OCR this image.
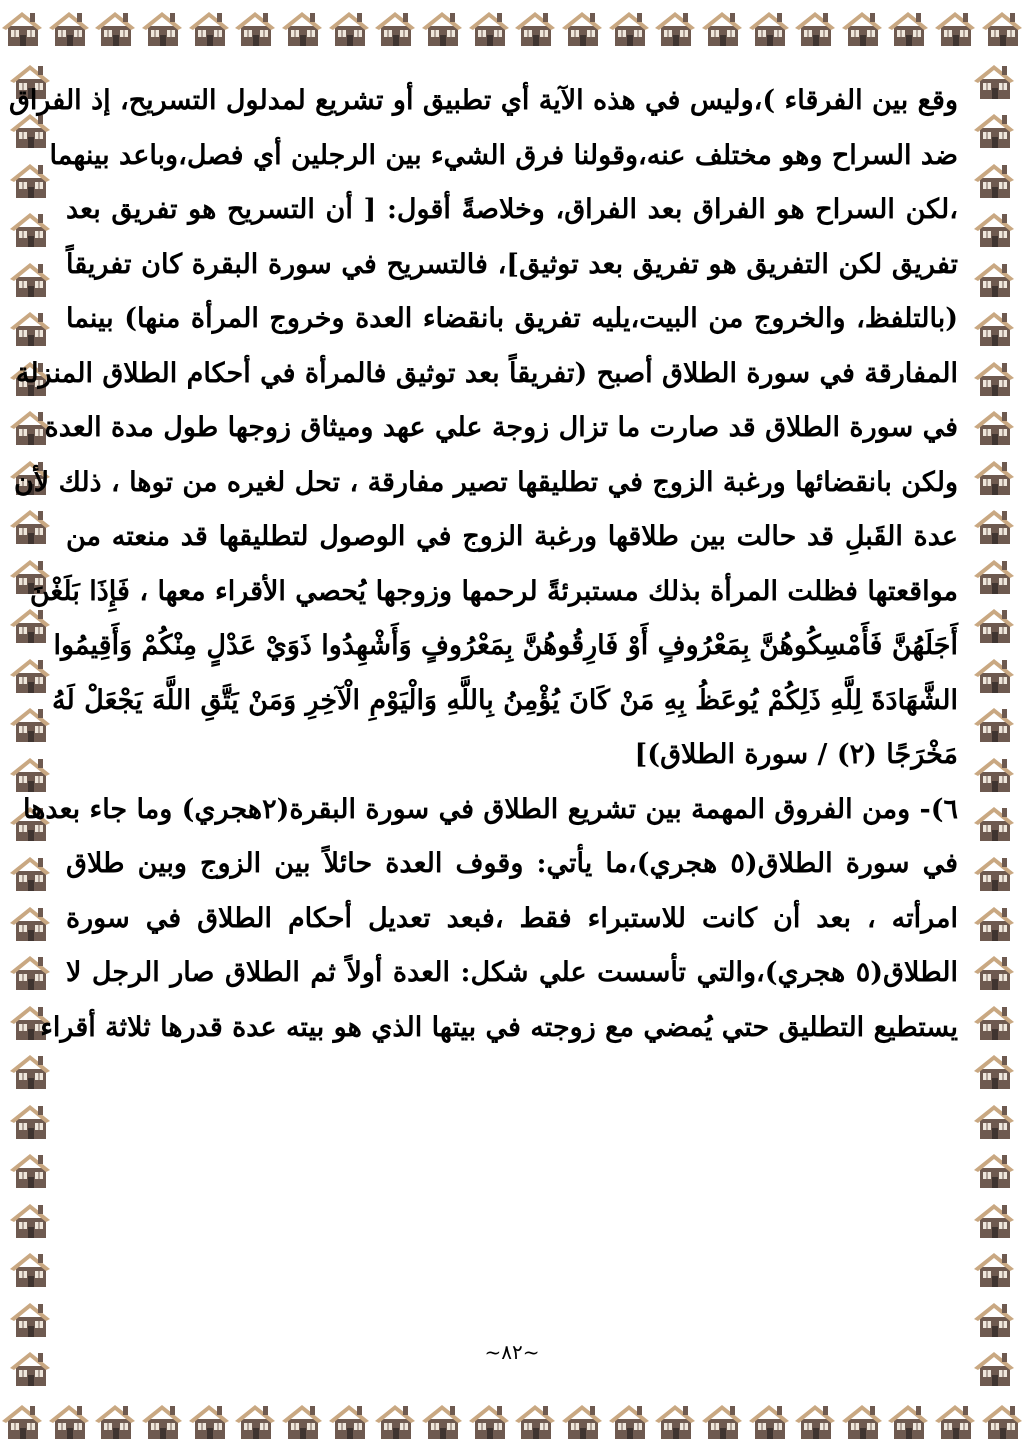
وقع بين الفرقاء )،وليس في هذه الآية أي تطبيق أو تشريع لمدلول التسريح، إذ الفراق
ضد السراح وهو مختلف عنه،وقولنا فرق الشيء بين الرجلين أي فصل،وباعد بينهما
،لكن السراح هو الفراق بعد الفراق، وخلاصةً أقول: [ أن التسريح هو تفريق بعد
تفريق لكن التفريق هو تفريق بعد توثيق]، فالتسريح في سورة البقرة كان تفريقاً
(بالتلفظ، والخروج من البيت،يليه تفريق بانقضاء العدة وخروج المرأة منها) بينما
المفارقة في سورة الطلاق أصبح (تفريقاً بعد توثيق فالمرأة في أحكام الطلاق المنزلة
في سورة الطلاق قد صارت ما تزال زوجة علي عهد وميثاق زوجها طول مدة العدة
ولكن بانقضائها ورغبة الزوج في تطليقها تصير مفارقة ، تحل لغيره من توها ، ذلك لأن
عدة القَبلِ قد حالت بين طلاقها ورغبة الزوج في الوصول لتطليقها قد منعته من
مواقعتها فظلت المرأة بذلك مستبرئةً لرحمها وزوجها يُحصي الأقراء معها ، فَإِذَا بَلَغْنَ
أَجَلَهُنَّ فَأَمْسِكُوهُنَّ بِمَعْرُوفٍ أَوْ فَارِقُوهُنَّ بِمَعْرُوفٍ وَأَشْهِدُوا ذَوَيْ عَدْلٍ مِنْكُمْ وَأَقِيمُوا
الشَّهَادَةَ لِلَّهِ ذَلِكُمْ يُوعَظُ بِهِ مَنْ كَانَ يُؤْمِنُ بِاللَّهِ وَالْيَوْمِ الْآخِرِ وَمَنْ يَتَّقِ اللَّهَ يَجْعَلْ لَهُ
مَخْرَجًا (٢) / سورة الطلاق)]
٦)- ومن الفروق المهمة بين تشريع الطلاق في سورة البقرة(٢هجري) وما جاء بعدها
في سورة الطلاق(٥ هجري)،ما يأتي: وقوف العدة حائلاً بين الزوج وبين طلاق
امرأته ، بعد أن كانت للاستبراء فقط ،فبعد تعديل أحكام الطلاق في سورة
الطلاق(٥ هجري)،والتي تأسست علي شكل: العدة أولاً ثم الطلاق صار الرجل لا
يستطيع التطليق حتي يُمضي مع زوجته في بيتها الذي هو بيته عدة قدرها ثلاثة أقراء
~٨٢~
